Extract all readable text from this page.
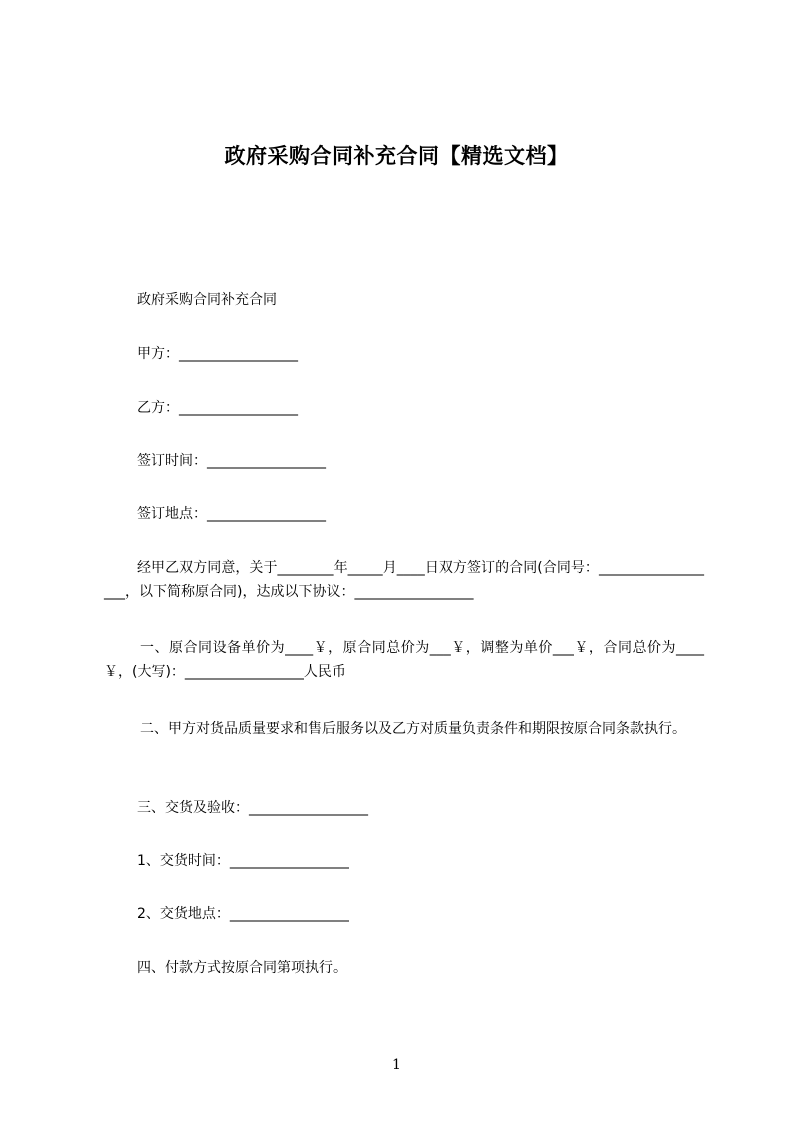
政府采购合同补充合同【精选文档】
政府采购合同补充合同
甲方：_________________
乙方：_________________
签订时间：_________________
签订地点：_________________
经甲乙双方同意，关于________年_____月____日双方签订的合同(合同号：__________________，以下简称原合同)，达成以下协议：_________________
一、原合同设备单价为____￥，原合同总价为___￥，调整为单价___￥，合同总价为____￥，(大写)：_________________人民币
二、甲方对货品质量要求和售后服务以及乙方对质量负责条件和期限按原合同条款执行。
三、交货及验收：_________________
1、交货时间：_________________
2、交货地点：_________________
四、付款方式按原合同第项执行。
1
